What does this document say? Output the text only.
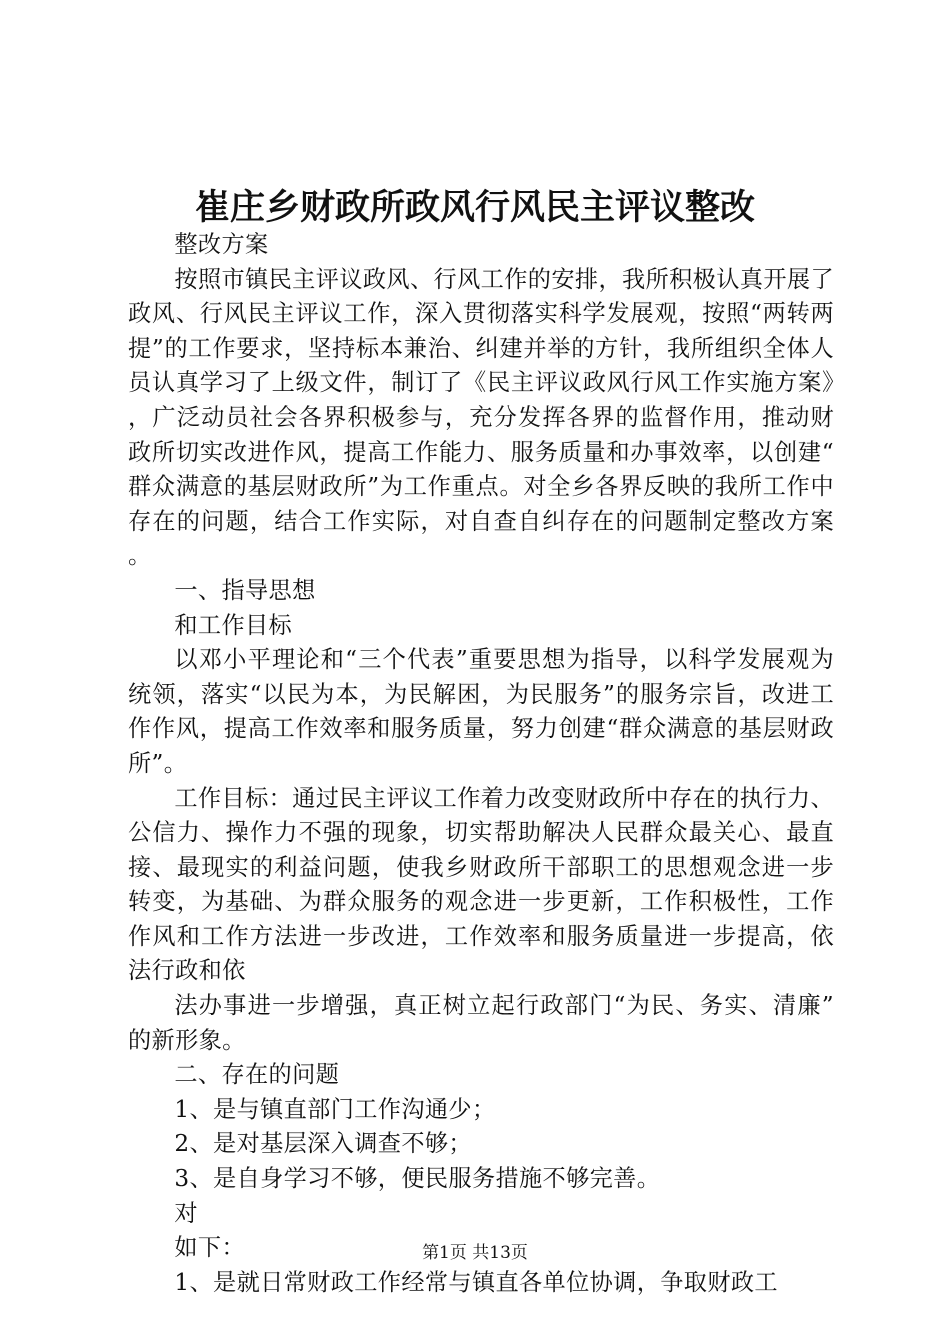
崔庄乡财政所政风行风民主评议整改

整改方案

按照市镇民主评议政风、行风工作的安排，我所积极认真开展了政风、行风民主评议工作，深入贯彻落实科学发展观，按照“两转两提”的工作要求，坚持标本兼治、纠建并举的方针，我所组织全体人员认真学习了上级文件，制订了《民主评议政风行风工作实施方案》，广泛动员社会各界积极参与，充分发挥各界的监督作用，推动财政所切实改进作风，提高工作能力、服务质量和办事效率，以创建“群众满意的基层财政所”为工作重点。对全乡各界反映的我所工作中存在的问题，结合工作实际，对自查自纠存在的问题制定整改方案。

一、指导思想

和工作目标

以邓小平理论和“三个代表”重要思想为指导，以科学发展观为统领，落实“以民为本，为民解困，为民服务”的服务宗旨，改进工作作风，提高工作效率和服务质量，努力创建“群众满意的基层财政所”。

工作目标：通过民主评议工作着力改变财政所中存在的执行力、公信力、操作力不强的现象，切实帮助解决人民群众最关心、最直接、最现实的利益问题，使我乡财政所干部职工的思想观念进一步转变，为基础、为群众服务的观念进一步更新，工作积极性，工作作风和工作方法进一步改进，工作效率和服务质量进一步提高，依法行政和依

法办事进一步增强，真正树立起行政部门“为民、务实、清廉”的新形象。

二、存在的问题

1、是与镇直部门工作沟通少；

2、是对基层深入调查不够；

3、是自身学习不够，便民服务措施不够完善。

对

如下：

1、是就日常财政工作经常与镇直各单位协调，争取财政工

第1页 共13页
